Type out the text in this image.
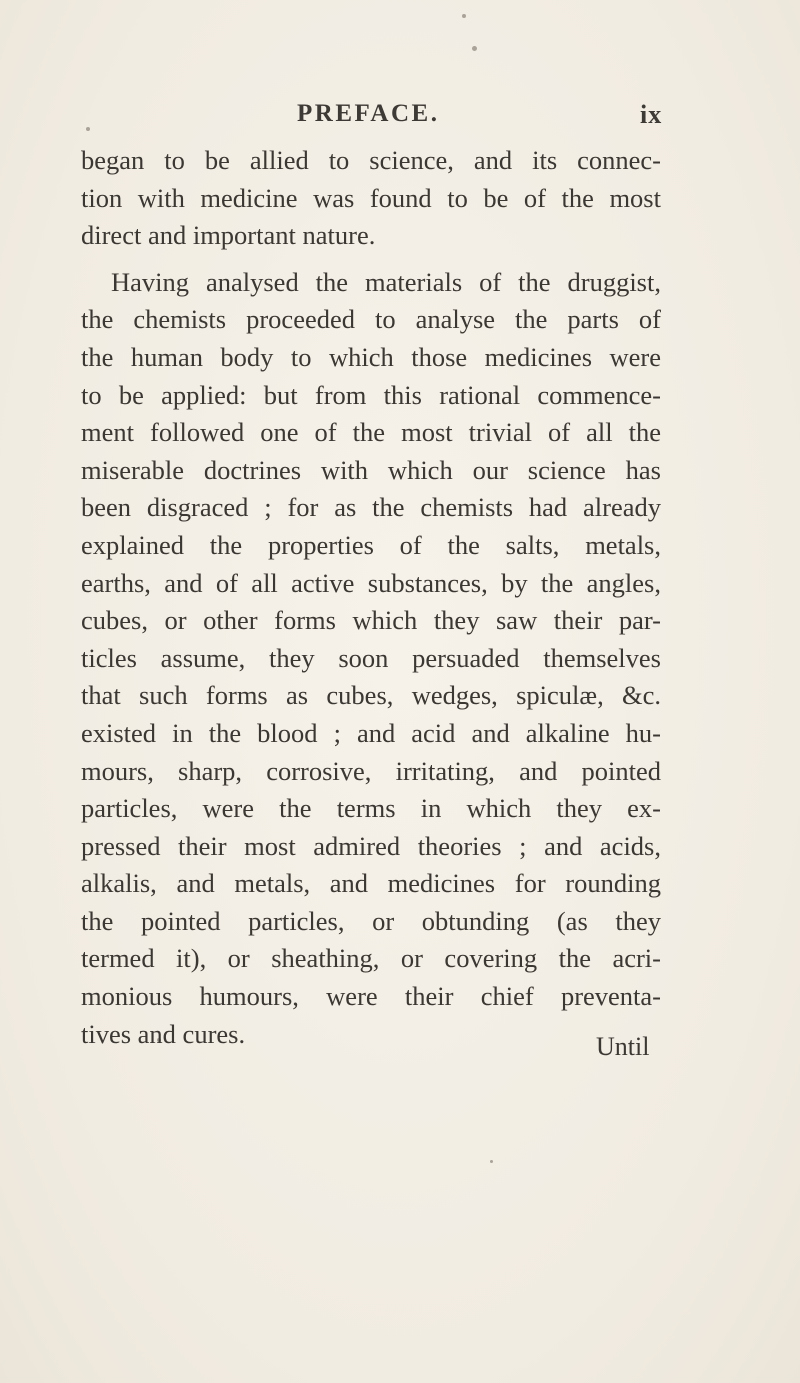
PREFACE.	ix

began to be allied to science, and its connec-

tion with medicine was found to be of the most

direct and important nature.

Having analysed the materials of the druggist,

the chemists proceeded to analyse the parts of

the human body to which those medicines were

to be applied: but from this rational commence-

ment followed one of the most trivial of all the

miserable doctrines with which our science has

been disgraced ; for as the chemists had already

explained the properties of the salts, metals,

earths, and of all active substances, by the angles,

cubes, or other forms which they saw their par-

ticles assume, they soon persuaded themselves

that such forms as cubes, wedges, spiculæ, &c.

existed in the blood ; and acid and alkaline hu-

mours, sharp, corrosive, irritating, and pointed

particles, were the terms in which they ex-

pressed their most admired theories ; and acids,

alkalis, and metals, and medicines for rounding

the pointed particles, or obtunding (as they

termed it), or sheathing, or covering the acri-

monious humours, were their chief preventa-

tives and cures.	Until
